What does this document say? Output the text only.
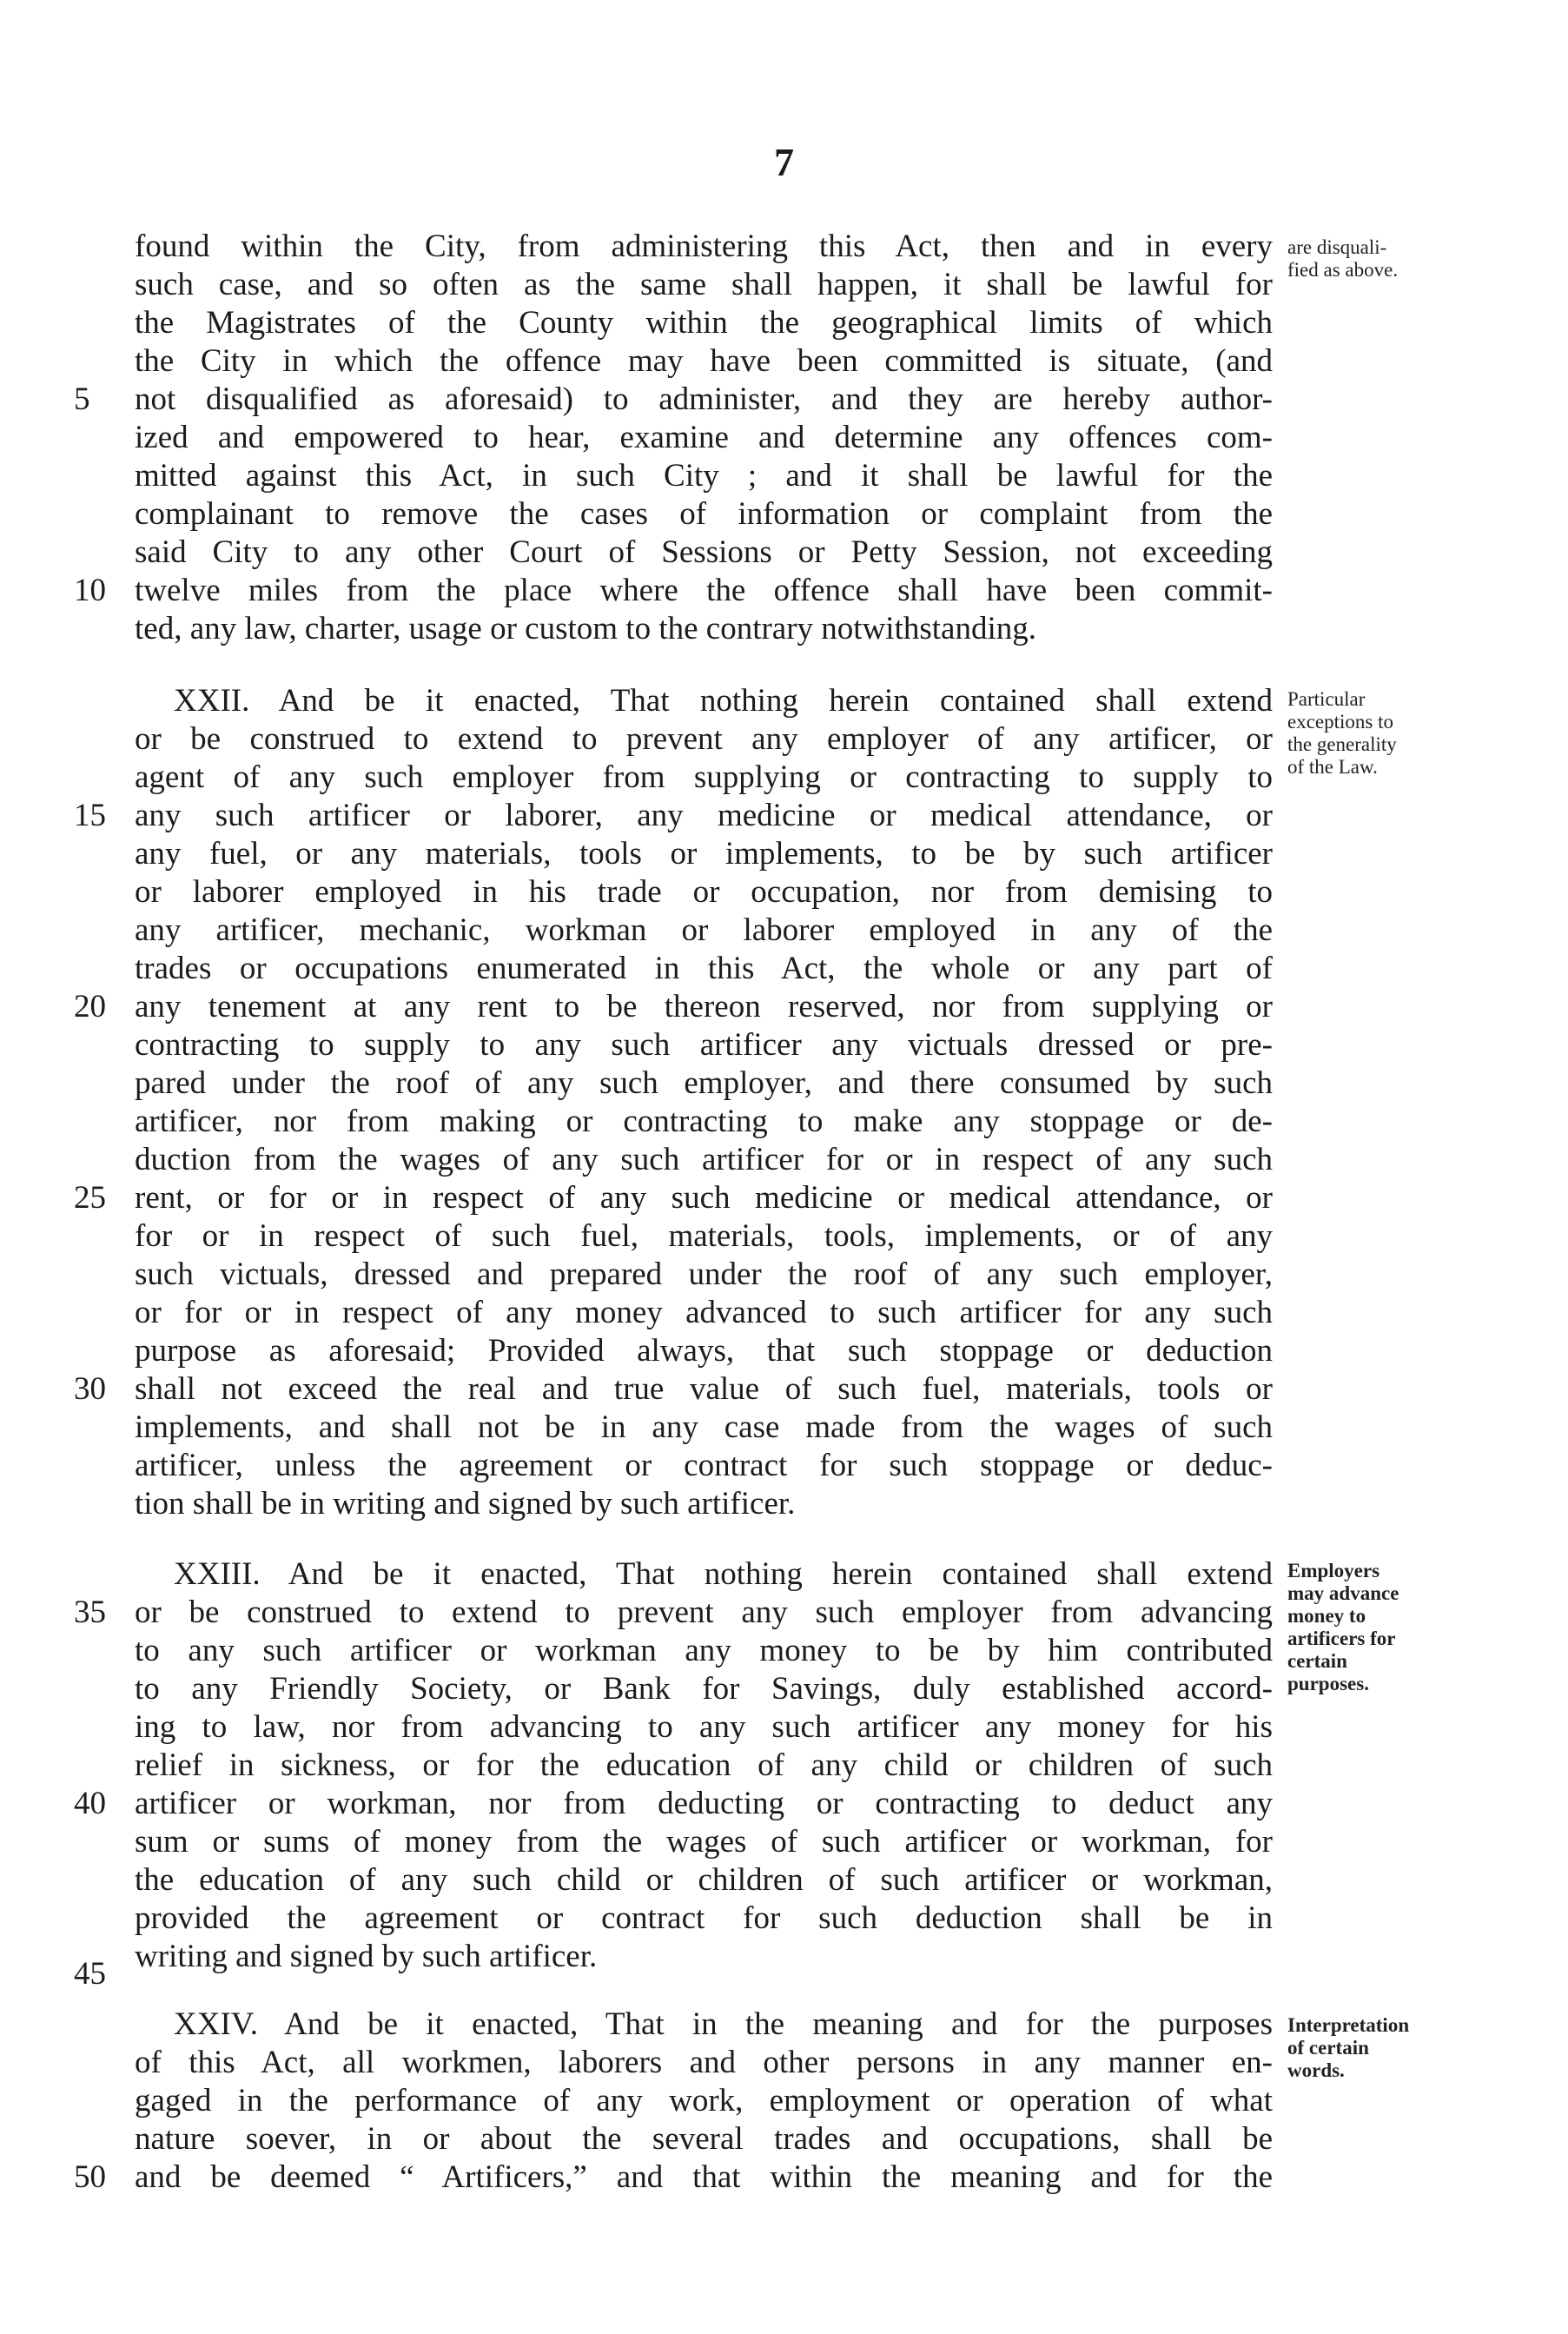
7
found within the City, from administering this Act, then and in every
such case, and so often as the same shall happen, it shall be lawful for
the Magistrates of the County within the geographical limits of which
the City in which the offence may have been committed is situate, (and
5	not disqualified as aforesaid) to administer, and they are hereby author-
ized and empowered to hear, examine and determine any offences com-
mitted against this Act, in such City ; and it shall be lawful for the
complainant to remove the cases of information or complaint from the
said City to any other Court of Sessions or Petty Session, not exceeding
10 twelve miles from the place where the offence shall have been commit-
ted, any law, charter, usage or custom to the contrary notwithstanding.
XXII. And be it enacted, That nothing herein contained shall extend
or be construed to extend to prevent any employer of any artificer, or
agent of any such employer from supplying or contracting to supply to
15 any such artificer or laborer, any medicine or medical attendance, or
any fuel, or any materials, tools or implements, to be by such artificer
or laborer employed in his trade or occupation, nor from demising to
any artificer, mechanic, workman or laborer employed in any of the
trades or occupations enumerated in this Act, the whole or any part of
20 any tenement at any rent to be thereon reserved, nor from supplying or
contracting to supply to any such artificer any victuals dressed or pre-
pared under the roof of any such employer, and there consumed by such
artificer, nor from making or contracting to make any stoppage or de-
duction from the wages of any such artificer for or in respect of any such
25 rent, or for or in respect of any such medicine or medical attendance, or
for or in respect of such fuel, materials, tools, implements, or of any
such victuals, dressed and prepared under the roof of any such employer,
or for or in respect of any money advanced to such artificer for any such
purpose as aforesaid; Provided always, that such stoppage or deduction
30 shall not exceed the real and true value of such fuel, materials, tools or
implements, and shall not be in any case made from the wages of such
artificer, unless the agreement or contract for such stoppage or deduc-
tion shall be in writing and signed by such artificer.
XXIII. And be it enacted, That nothing herein contained shall extend
35 or be construed to extend to prevent any such employer from advancing
to any such artificer or workman any money to be by him contributed
to any Friendly Society, or Bank for Savings, duly established accord-
ing to law, nor from advancing to any such artificer any money for his
relief in sickness, or for the education of any child or children of such
40 artificer or workman, nor from deducting or contracting to deduct any
sum or sums of money from the wages of such artificer or workman, for
the education of any such child or children of such artificer or workman,
provided the agreement or contract for such deduction shall be in
writing and signed by such artificer.
XXIV. And be it enacted, That in the meaning and for the purposes
of this Act, all workmen, laborers and other persons in any manner en-
gaged in the performance of any work, employment or operation of what
nature soever, in or about the several trades and occupations, shall be
50 and be deemed “ Artificers,” and that within the meaning and for the
45
are disquali-
fied as above.
Particular
exceptions to
the generality
of the Law.
Employers
may advance
money to
artificers for
certain
purposes.
Interpretation
of certain
words.
